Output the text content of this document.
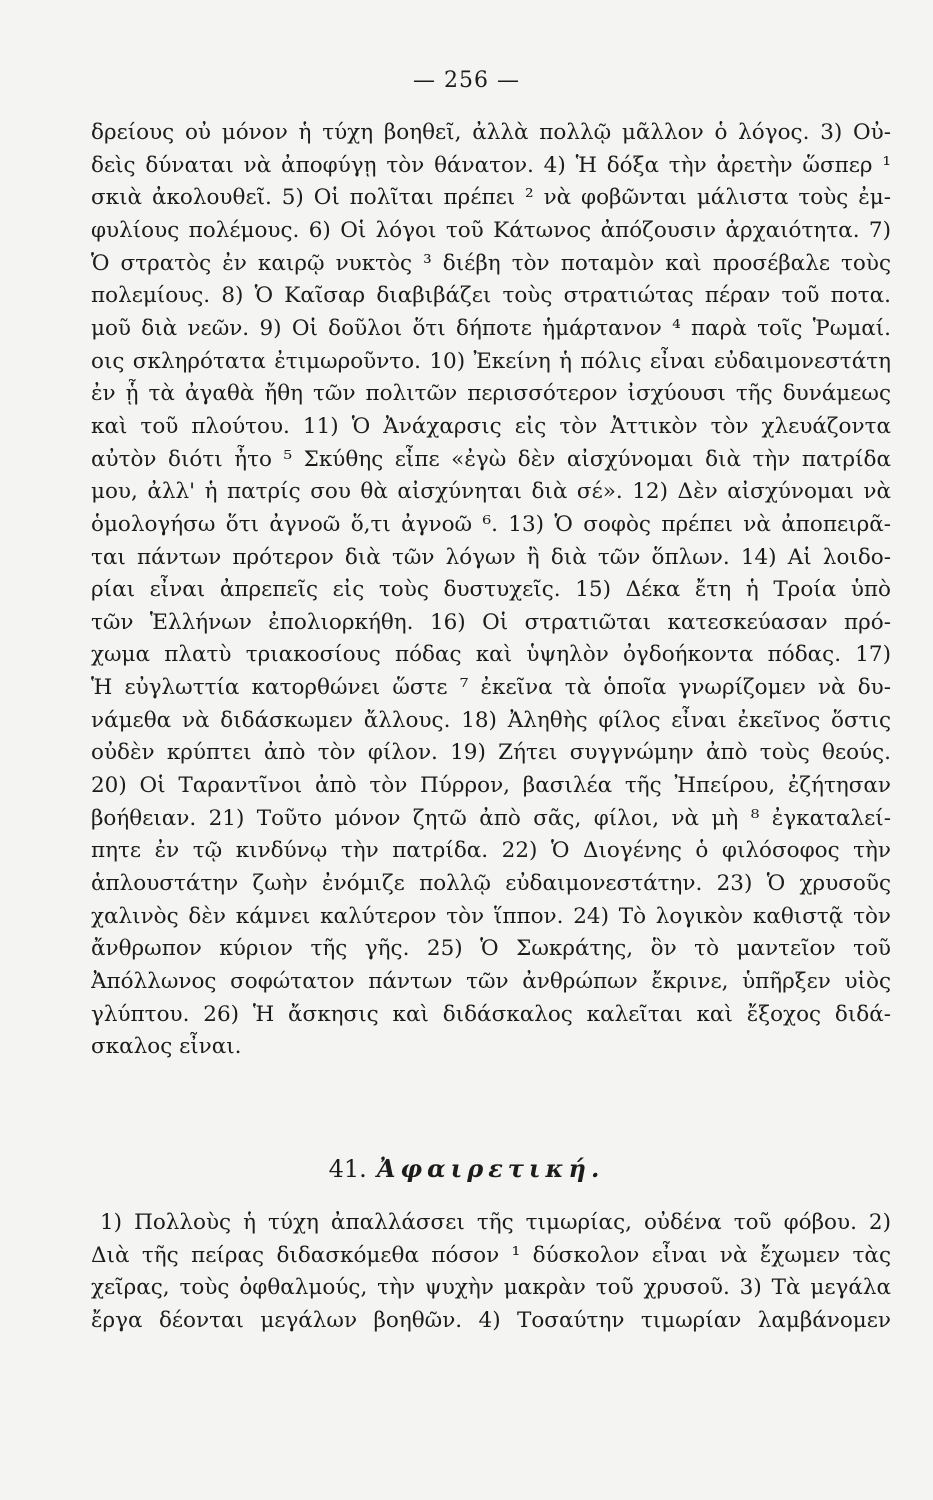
— 256 —
δρείους οὐ μόνον ἡ τύχη βοηθεῖ, ἀλλὰ πολλῷ μᾶλλον ὁ λόγος. 3) Οὐ-
δεὶς δύναται νὰ ἀποφύγῃ τὸν θάνατον. 4) Ἡ δόξα τὴν ἀρετὴν ὥσπερ ¹
σκιὰ ἀκολουθεῖ. 5) Οἱ πολῖται πρέπει ² νὰ φοβῶνται μάλιστα τοὺς ἐμ-
φυλίους πολέμους. 6) Οἱ λόγοι τοῦ Κάτωνος ἀπόζουσιν ἀρχαιότητα. 7)
Ὁ στρατὸς ἐν καιρῷ νυκτὸς ³ διέβη τὸν ποταμὸν καὶ προσέβαλε τοὺς
πολεμίους. 8) Ὁ Καῖσαρ διαβιβάζει τοὺς στρατιώτας πέραν τοῦ ποτα.
μοῦ διὰ νεῶν. 9) Οἱ δοῦλοι ὅτι δήποτε ἡμάρτανον ⁴ παρὰ τοῖς Ῥωμαί.
οις σκληρότατα ἐτιμωροῦντο. 10) Ἐκείνη ἡ πόλις εἶναι εὐδαιμονεστάτη
ἐν ᾗ τὰ ἀγαθὰ ἤθη τῶν πολιτῶν περισσότερον ἰσχύουσι τῆς δυνάμεως
καὶ τοῦ πλούτου. 11) Ὁ Ἀνάχαρσις εἰς τὸν Ἀττικὸν τὸν χλευάζοντα
αὐτὸν διότι ἦτο ⁵ Σκύθης εἶπε «ἐγὼ δὲν αἰσχύνομαι διὰ τὴν πατρίδα
μου, ἀλλ' ἡ πατρίς σου θὰ αἰσχύνηται διὰ σέ». 12) Δὲν αἰσχύνομαι νὰ
ὁμολογήσω ὅτι ἀγνοῶ ὅ,τι ἀγνοῶ ⁶. 13) Ὁ σοφὸς πρέπει νὰ ἀποπειρᾶ-
ται πάντων πρότερον διὰ τῶν λόγων ἢ διὰ τῶν ὅπλων. 14) Αἱ λοιδο-
ρίαι εἶναι ἀπρεπεῖς εἰς τοὺς δυστυχεῖς. 15) Δέκα ἔτη ἡ Τροία ὑπὸ
τῶν Ἑλλήνων ἐπολιορκήθη. 16) Οἱ στρατιῶται κατεσκεύασαν πρό-
χωμα πλατὺ τριακοσίους πόδας καὶ ὑψηλὸν ὀγδοήκοντα πόδας. 17)
Ἡ εὐγλωττία κατορθώνει ὥστε ⁷ ἐκεῖνα τὰ ὁποῖα γνωρίζομεν νὰ δυ-
νάμεθα νὰ διδάσκωμεν ἄλλους. 18) Ἀληθὴς φίλος εἶναι ἐκεῖνος ὅστις
οὐδὲν κρύπτει ἀπὸ τὸν φίλον. 19) Ζήτει συγγνώμην ἀπὸ τοὺς θεούς.
20) Οἱ Ταραντῖνοι ἀπὸ τὸν Πύρρον, βασιλέα τῆς Ἠπείρου, ἐζήτησαν
βοήθειαν. 21) Τοῦτο μόνον ζητῶ ἀπὸ σᾶς, φίλοι, νὰ μὴ ⁸ ἐγκαταλεί-
πητε ἐν τῷ κινδύνῳ τὴν πατρίδα. 22) Ὁ Διογένης ὁ φιλόσοφος τὴν
ἁπλουστάτην ζωὴν ἐνόμιζε πολλῷ εὐδαιμονεστάτην. 23) Ὁ χρυσοῦς
χαλινὸς δὲν κάμνει καλύτερον τὸν ἵππον. 24) Τὸ λογικὸν καθιστᾷ τὸν
ἄνθρωπον κύριον τῆς γῆς. 25) Ὁ Σωκράτης, ὃν τὸ μαντεῖον τοῦ
Ἀπόλλωνος σοφώτατον πάντων τῶν ἀνθρώπων ἔκρινε, ὑπῆρξεν υἱὸς
γλύπτου. 26) Ἡ ἄσκησις καὶ διδάσκαλος καλεῖται καὶ ἔξοχος διδά-
σκαλος εἶναι.
41. Ἀφαιρετική.
1) Πολλοὺς ἡ τύχη ἀπαλλάσσει τῆς τιμωρίας, οὐδένα τοῦ φόβου. 2)
Διὰ τῆς πείρας διδασκόμεθα πόσον ¹ δύσκολον εἶναι νὰ ἔχωμεν τὰς
χεῖρας, τοὺς ὀφθαλμούς, τὴν ψυχὴν μακρὰν τοῦ χρυσοῦ. 3) Τὰ μεγάλα
ἔργα δέονται μεγάλων βοηθῶν. 4) Τοσαύτην τιμωρίαν λαμβάνομεν
